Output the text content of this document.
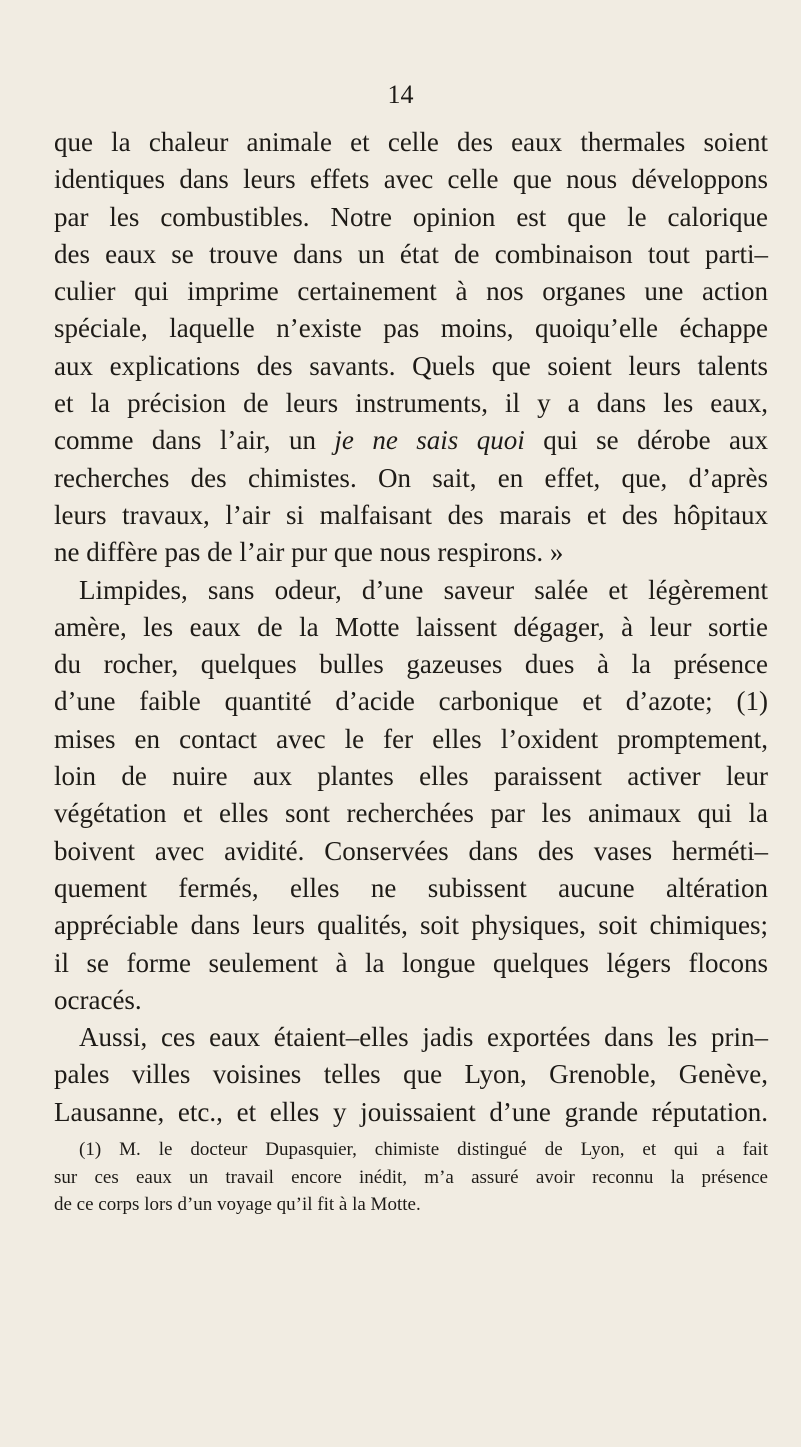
14
que la chaleur animale et celle des eaux thermales soient
identiques dans leurs effets avec celle que nous développons
par les combustibles. Notre opinion est que le calorique
des eaux se trouve dans un état de combinaison tout parti–
culier qui imprime certainement à nos organes une action
spéciale, laquelle n’existe pas moins, quoiqu’elle échappe
aux explications des savants. Quels que soient leurs talents
et la précision de leurs instruments, il y a dans les eaux,
comme dans l’air, un je ne sais quoi qui se dérobe aux
recherches des chimistes. On sait, en effet, que, d’après
leurs travaux, l’air si malfaisant des marais et des hôpitaux
ne diffère pas de l’air pur que nous respirons. »
Limpides, sans odeur, d’une saveur salée et légèrement
amère, les eaux de la Motte laissent dégager, à leur sortie
du rocher, quelques bulles gazeuses dues à la présence
d’une faible quantité d’acide carbonique et d’azote; (1)
mises en contact avec le fer elles l’oxident promptement,
loin de nuire aux plantes elles paraissent activer leur
végétation et elles sont recherchées par les animaux qui la
boivent avec avidité. Conservées dans des vases herméti–
quement fermés, elles ne subissent aucune altération
appréciable dans leurs qualités, soit physiques, soit chimiques;
il se forme seulement à la longue quelques légers flocons
ocracés.
Aussi, ces eaux étaient–elles jadis exportées dans les prin–
pales villes voisines telles que Lyon, Grenoble, Genève,
Lausanne, etc., et elles y jouissaient d’une grande réputation.
(1) M. le docteur Dupasquier, chimiste distingué de Lyon, et qui a fait
sur ces eaux un travail encore inédit, m’a assuré avoir reconnu la présence
de ce corps lors d’un voyage qu’il fit à la Motte.
